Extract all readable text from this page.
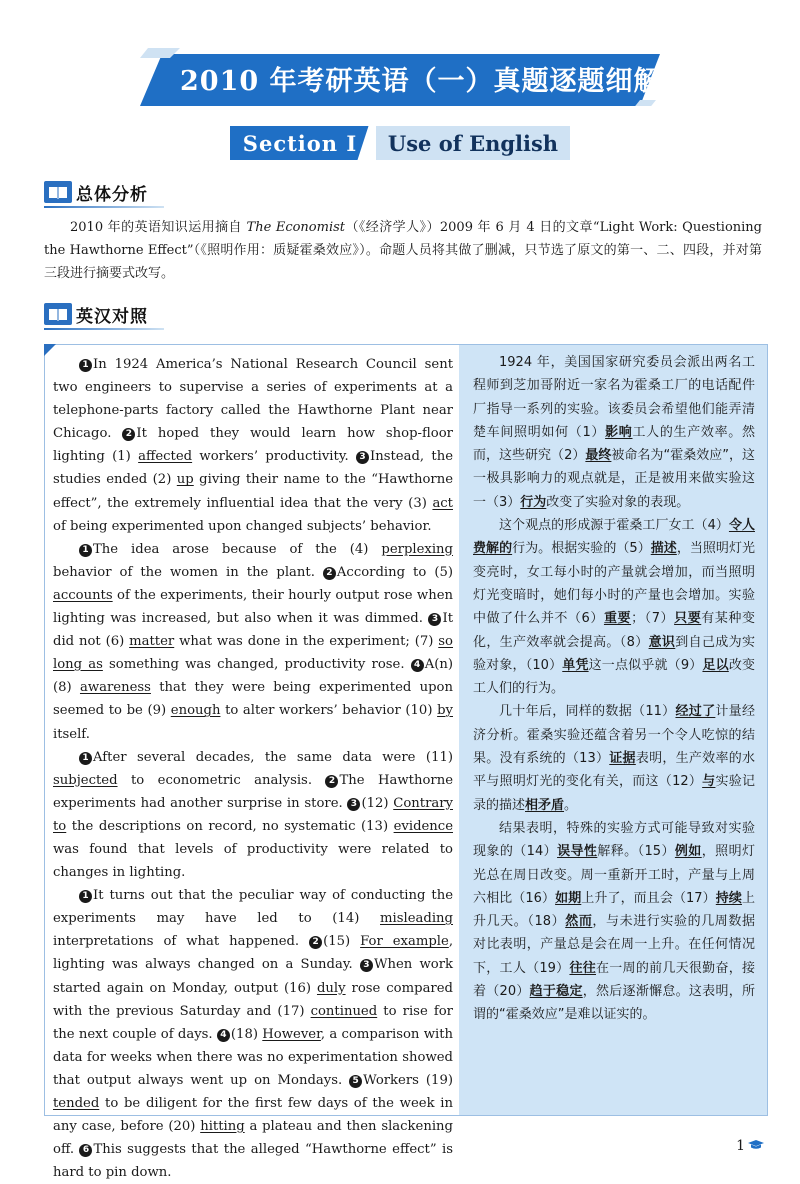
2010 年考研英语（一）真题逐题细解
Section Ⅰ	Use of English
总体分析

2010 年的英语知识运用摘自 The Economist（《经济学人》）2009 年 6 月 4 日的文章“Light Work: Questioning the Hawthorne Effect”（《照明作用：质疑霍桑效应》）。命题人员将其做了删减，只节选了原文的第一、二、四段，并对第三段进行摘要式改写。

英汉对照

1 In 1924 America’s National Research Council sent two engineers to supervise a series of experiments at a telephone-parts factory called the Hawthorne Plant near Chicago. 2 It hoped they would learn how shop-floor lighting (1) affected workers’ productivity. 3 Instead, the studies ended (2) up giving their name to the “Hawthorne effect”, the extremely influential idea that the very (3) act of being experimented upon changed subjects’ behavior.

1 The idea arose because of the (4) perplexing behavior of the women in the plant. 2 According to (5) accounts of the experiments, their hourly output rose when lighting was increased, but also when it was dimmed. 3 It did not (6) matter what was done in the experiment; (7) so long as something was changed, productivity rose. 4 A(n) (8) awareness that they were being experimented upon seemed to be (9) enough to alter workers’ behavior (10) by itself.

1 After several decades, the same data were (11) subjected to econometric analysis. 2 The Hawthorne experiments had another surprise in store. 3 (12) Contrary to the descriptions on record, no systematic (13) evidence was found that levels of productivity were related to changes in lighting.

1 It turns out that the peculiar way of conducting the experiments may have led to (14) misleading interpretations of what happened. 2 (15) For example, lighting was always changed on a Sunday. 3 When work started again on Monday, output (16) duly rose compared with the previous Saturday and (17) continued to rise for the next couple of days. 4 (18) However, a comparison with data for weeks when there was no experimentation showed that output always went up on Mondays. 5 Workers (19) tended to be diligent for the first few days of the week in any case, before (20) hitting a plateau and then slackening off. 6 This suggests that the alleged “Hawthorne effect” is hard to pin down.

1924 年，美国国家研究委员会派出两名工程师到芝加哥附近一家名为霍桑工厂的电话配件厂指导一系列的实验。该委员会希望他们能弄清楚车间照明如何（1）影响工人的生产效率。然而，这些研究（2）最终被命名为“霍桑效应”，这一极具影响力的观点就是，正是被用来做实验这一（3）行为改变了实验对象的表现。

这个观点的形成源于霍桑工厂女工（4）令人费解的行为。根据实验的（5）描述，当照明灯光变亮时，女工每小时的产量就会增加，而当照明灯光变暗时，她们每小时的产量也会增加。实验中做了什么并不（6）重要；（7）只要有某种变化，生产效率就会提高。（8）意识到自己成为实验对象，（10）单凭这一点似乎就（9）足以改变工人们的行为。

几十年后，同样的数据（11）经过了计量经济分析。霍桑实验还蕴含着另一个令人吃惊的结果。没有系统的（13）证据表明，生产效率的水平与照明灯光的变化有关，而这（12）与实验记录的描述相矛盾。

结果表明，特殊的实验方式可能导致对实验现象的（14）误导性解释。（15）例如，照明灯光总在周日改变。周一重新开工时，产量与上周六相比（16）如期上升了，而且会（17）持续上升几天。（18）然而，与未进行实验的几周数据对比表明，产量总是会在周一上升。在任何情况下，工人（19）往往在一周的前几天很勤奋，接着（20）趋于稳定，然后逐渐懈怠。这表明，所谓的“霍桑效应”是难以证实的。

1
